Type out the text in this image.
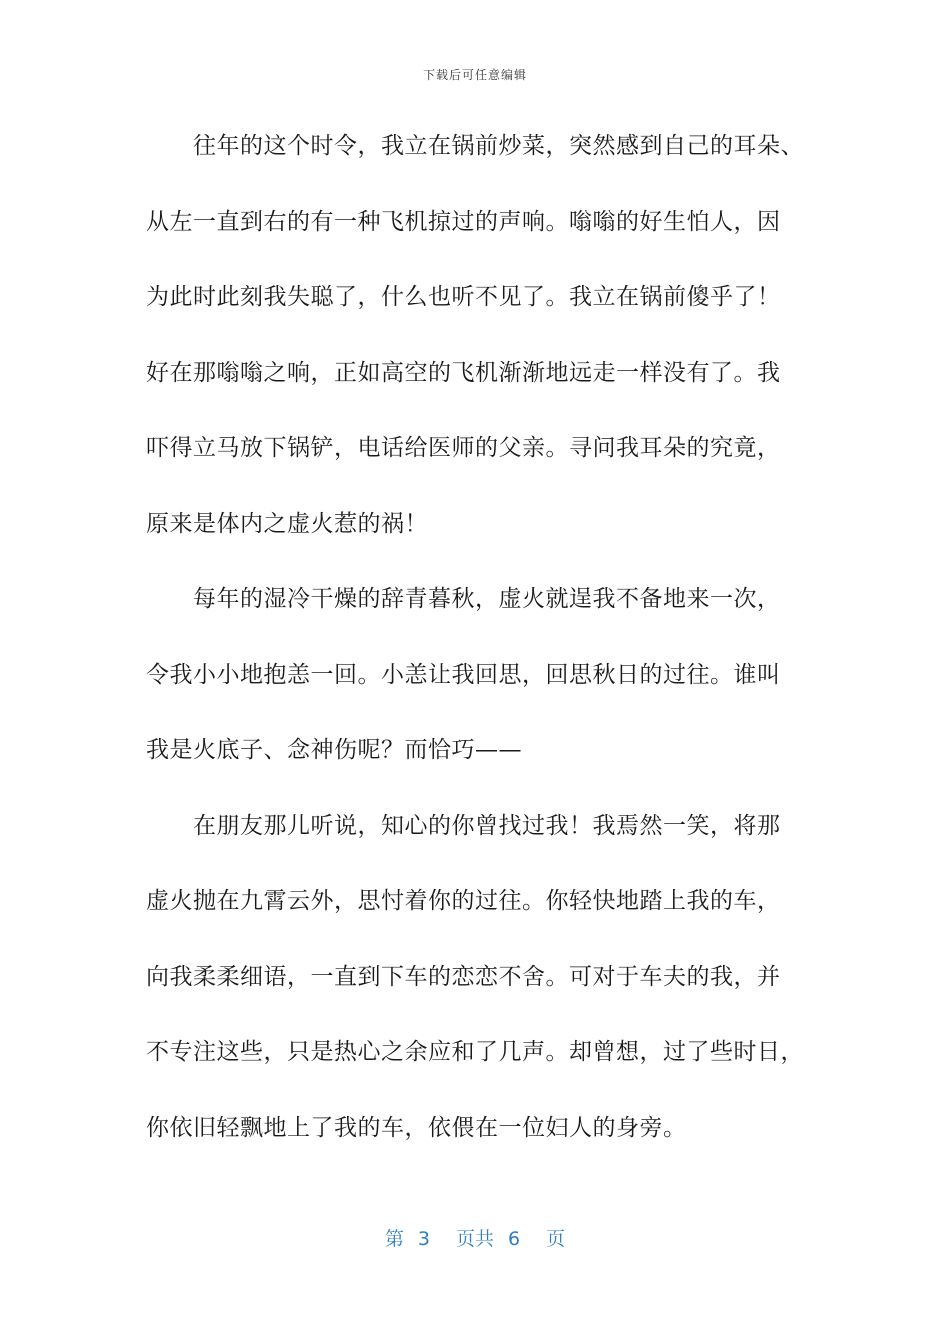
下载后可任意编辑
往年的这个时令，我立在锅前炒菜，突然感到自己的耳朵、
从左一直到右的有一种飞机掠过的声响。嗡嗡的好生怕人，因
为此时此刻我失聪了，什么也听不见了。我立在锅前傻乎了！
好在那嗡嗡之响，正如高空的飞机渐渐地远走一样没有了。我
吓得立马放下锅铲，电话给医师的父亲。寻问我耳朵的究竟，
原来是体内之虚火惹的祸！
每年的湿冷干燥的辞青暮秋，虚火就逞我不备地来一次，
令我小小地抱恙一回。小恙让我回思，回思秋日的过往。谁叫
我是火底子、念神伤呢？而恰巧——
在朋友那儿听说，知心的你曾找过我！我焉然一笑，将那
虚火抛在九霄云外，思忖着你的过往。你轻快地踏上我的车，
向我柔柔细语，一直到下车的恋恋不舍。可对于车夫的我，并
不专注这些，只是热心之余应和了几声。却曾想，过了些时日，
你依旧轻飘地上了我的车，依偎在一位妇人的身旁。
第 3 页共 6 页
